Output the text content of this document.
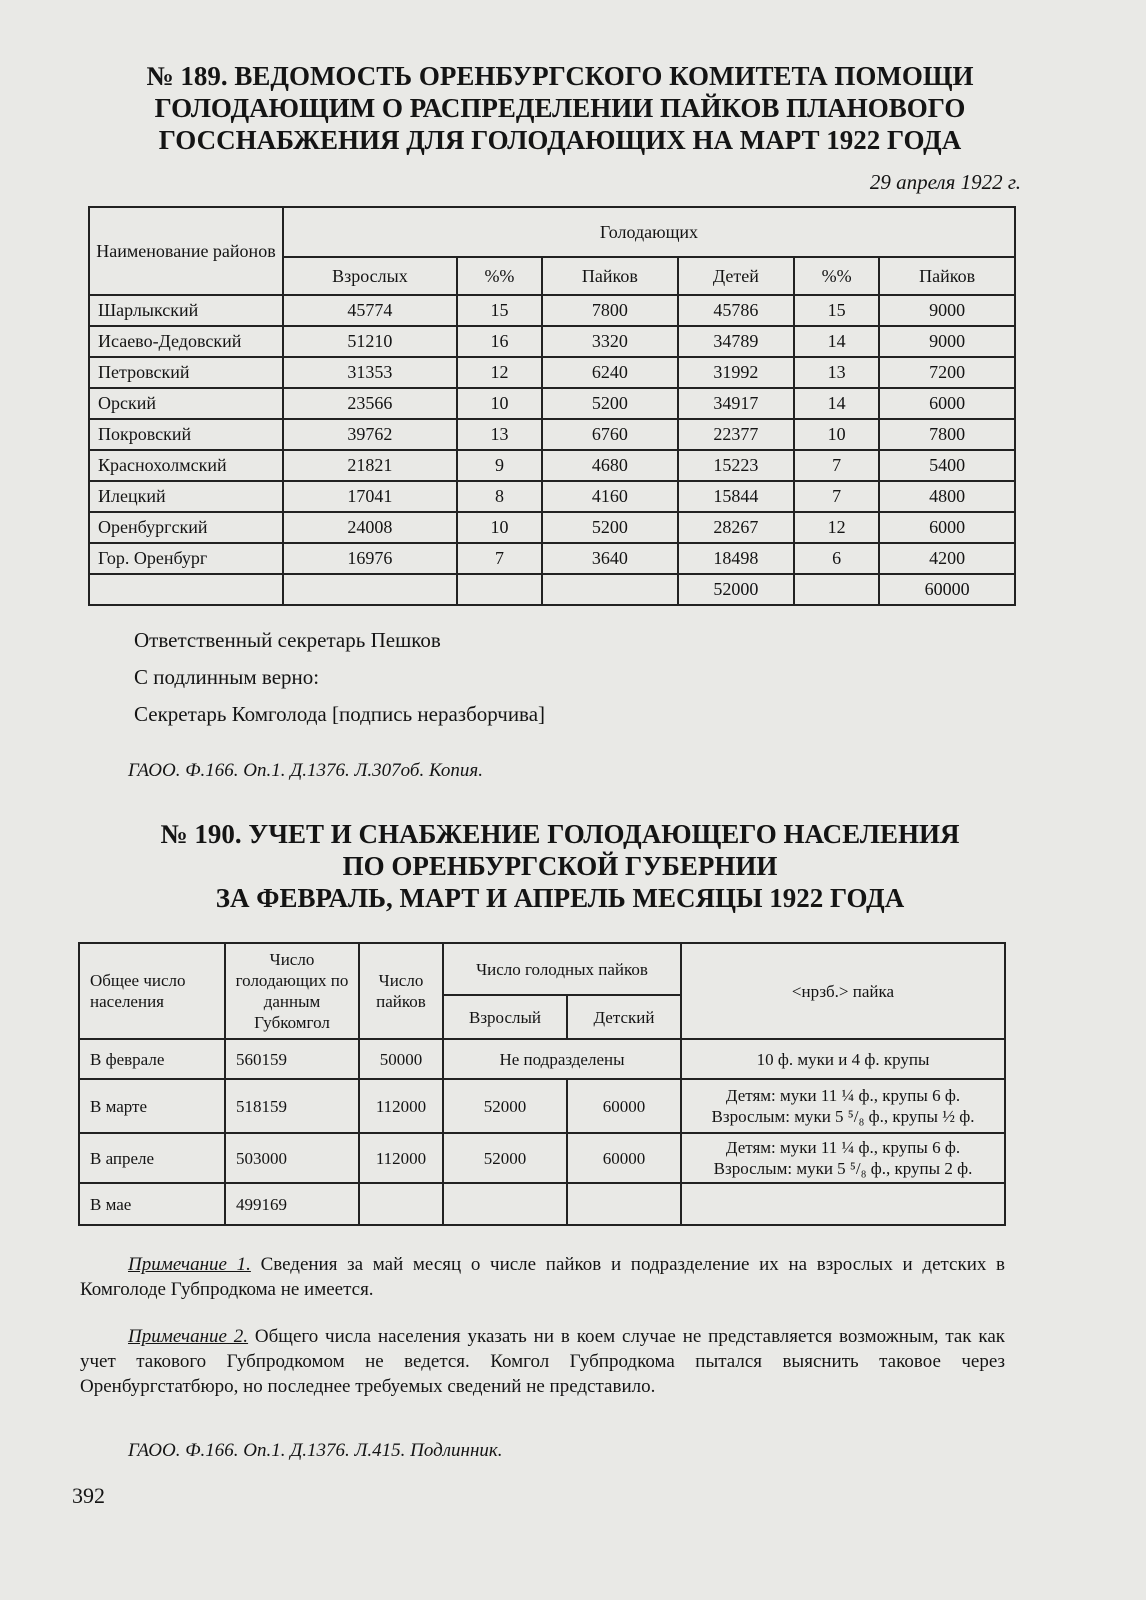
№ 189. ВЕДОМОСТЬ ОРЕНБУРГСКОГО КОМИТЕТА ПОМОЩИ
ГОЛОДАЮЩИМ О РАСПРЕДЕЛЕНИИ ПАЙКОВ ПЛАНОВОГО
ГОССНАБЖЕНИЯ ДЛЯ ГОЛОДАЮЩИХ НА МАРТ 1922 ГОДА
29 апреля 1922 г.
Наименование районов	Голодающих					
	Взрослых	%%	Пайков	Детей	%%	Пайков
Шарлыкский	45774	15	7800	45786	15	9000
Исаево-Дедовский	51210	16	3320	34789	14	9000
Петровский	31353	12	6240	31992	13	7200
Орский	23566	10	5200	34917	14	6000
Покровский	39762	13	6760	22377	10	7800
Краснохолмский	21821	9	4680	15223	7	5400
Илецкий	17041	8	4160	15844	7	4800
Оренбургский	24008	10	5200	28267	12	6000
Гор. Оренбург	16976	7	3640	18498	6	4200
				52000		60000
Ответственный секретарь Пешков
С подлинным верно:
Секретарь Комголода [подпись неразборчива]
ГАОО. Ф.166. Оп.1. Д.1376. Л.307об. Копия.
№ 190. УЧЕТ И СНАБЖЕНИЕ ГОЛОДАЮЩЕГО НАСЕЛЕНИЯ
ПО ОРЕНБУРГСКОЙ ГУБЕРНИИ
ЗА ФЕВРАЛЬ, МАРТ И АПРЕЛЬ МЕСЯЦЫ 1922 ГОДА
Общее число населения	Число голодающих по данным Губкомгол	Число пайков	Число голодных пайков		<нрзб.> пайка
			Взрослый	Детский	
В феврале	560159	50000	Не подразделены		10 ф. муки и 4 ф. крупы
В марте	518159	112000	52000	60000	Детям: муки 11 ¼ ф., крупы 6 ф.
Взрослым: муки 5 ⁵/₈ ф., крупы ½ ф.

В апреле	503000	112000	52000	60000	Детям: муки 11 ¼ ф., крупы 6 ф.
Взрослым: муки 5 ⁵/₈ ф., крупы 2 ф.

В мае	499169				
Примечание 1. Сведения за май месяц о числе пайков и подразделение их на взрослых и детских в Комголоде Губпродкома не имеется.
Примечание 2. Общего числа населения указать ни в коем случае не представляется возможным, так как учет такового Губпродкомом не ведется. Комгол Губпродкома пытался выяснить таковое через Оренбургстатбюро, но последнее требуемых сведений не представило.
ГАОО. Ф.166. Оп.1. Д.1376. Л.415. Подлинник.
392
